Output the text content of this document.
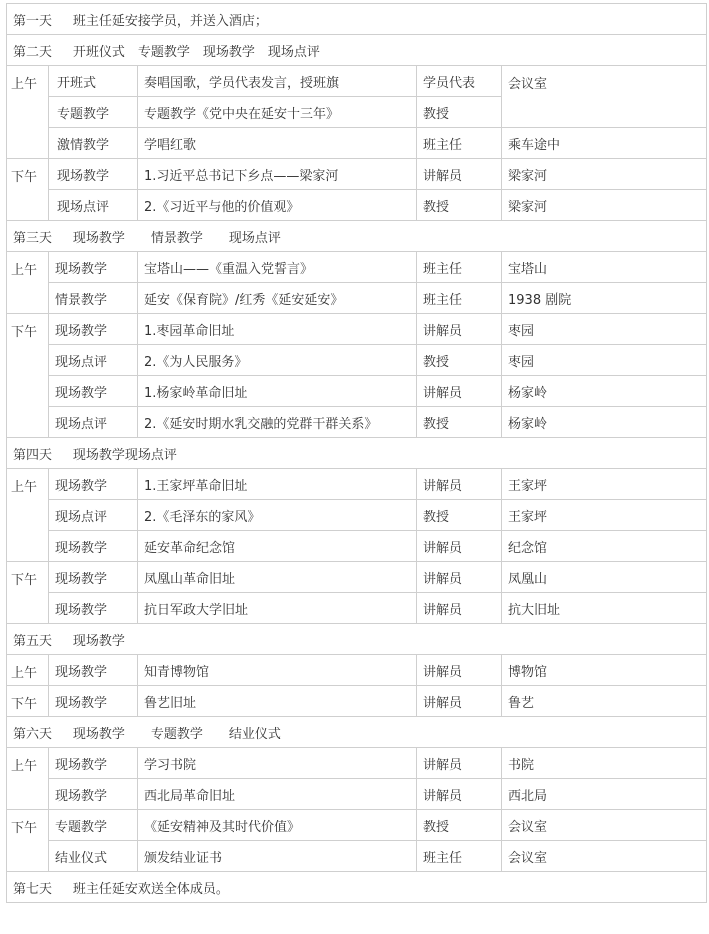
第一天 班主任延安接学员，并送入酒店；				
第二天 开班仪式　专题教学　现场教学　现场点评				
上午	开班式	奏唱国歌，学员代表发言，授班旗	学员代表	会议室
	专题教学	专题教学《党中央在延安十三年》	教授	
	激情教学	学唱红歌	班主任	乘车途中
下午	现场教学	1.习近平总书记下乡点——梁家河	讲解员	梁家河
	现场点评	2.《习近平与他的价值观》	教授	梁家河
第三天 现场教学　　情景教学　　现场点评				
上午	现场教学	宝塔山——《重温入党誓言》	班主任	宝塔山
	情景教学	延安《保育院》/红秀《延安延安》	班主任	1938 剧院
下午	现场教学	1.枣园革命旧址	讲解员	枣园
	现场点评	2.《为人民服务》	教授	枣园
	现场教学	1.杨家岭革命旧址	讲解员	杨家岭
	现场点评	2.《延安时期水乳交融的党群干群关系》	教授	杨家岭
第四天 现场教学现场点评				
上午	现场教学	1.王家坪革命旧址	讲解员	王家坪
	现场点评	2.《毛泽东的家风》	教授	王家坪
	现场教学	延安革命纪念馆	讲解员	纪念馆
下午	现场教学	凤凰山革命旧址	讲解员	凤凰山
	现场教学	抗日军政大学旧址	讲解员	抗大旧址
第五天 现场教学				
上午	现场教学	知青博物馆	讲解员	博物馆
下午	现场教学	鲁艺旧址	讲解员	鲁艺
第六天 现场教学　　专题教学　　结业仪式				
上午	现场教学	学习书院	讲解员	书院
	现场教学	西北局革命旧址	讲解员	西北局
下午	专题教学	《延安精神及其时代价值》	教授	会议室
	结业仪式	颁发结业证书	班主任	会议室
第七天 班主任延安欢送全体成员。				
